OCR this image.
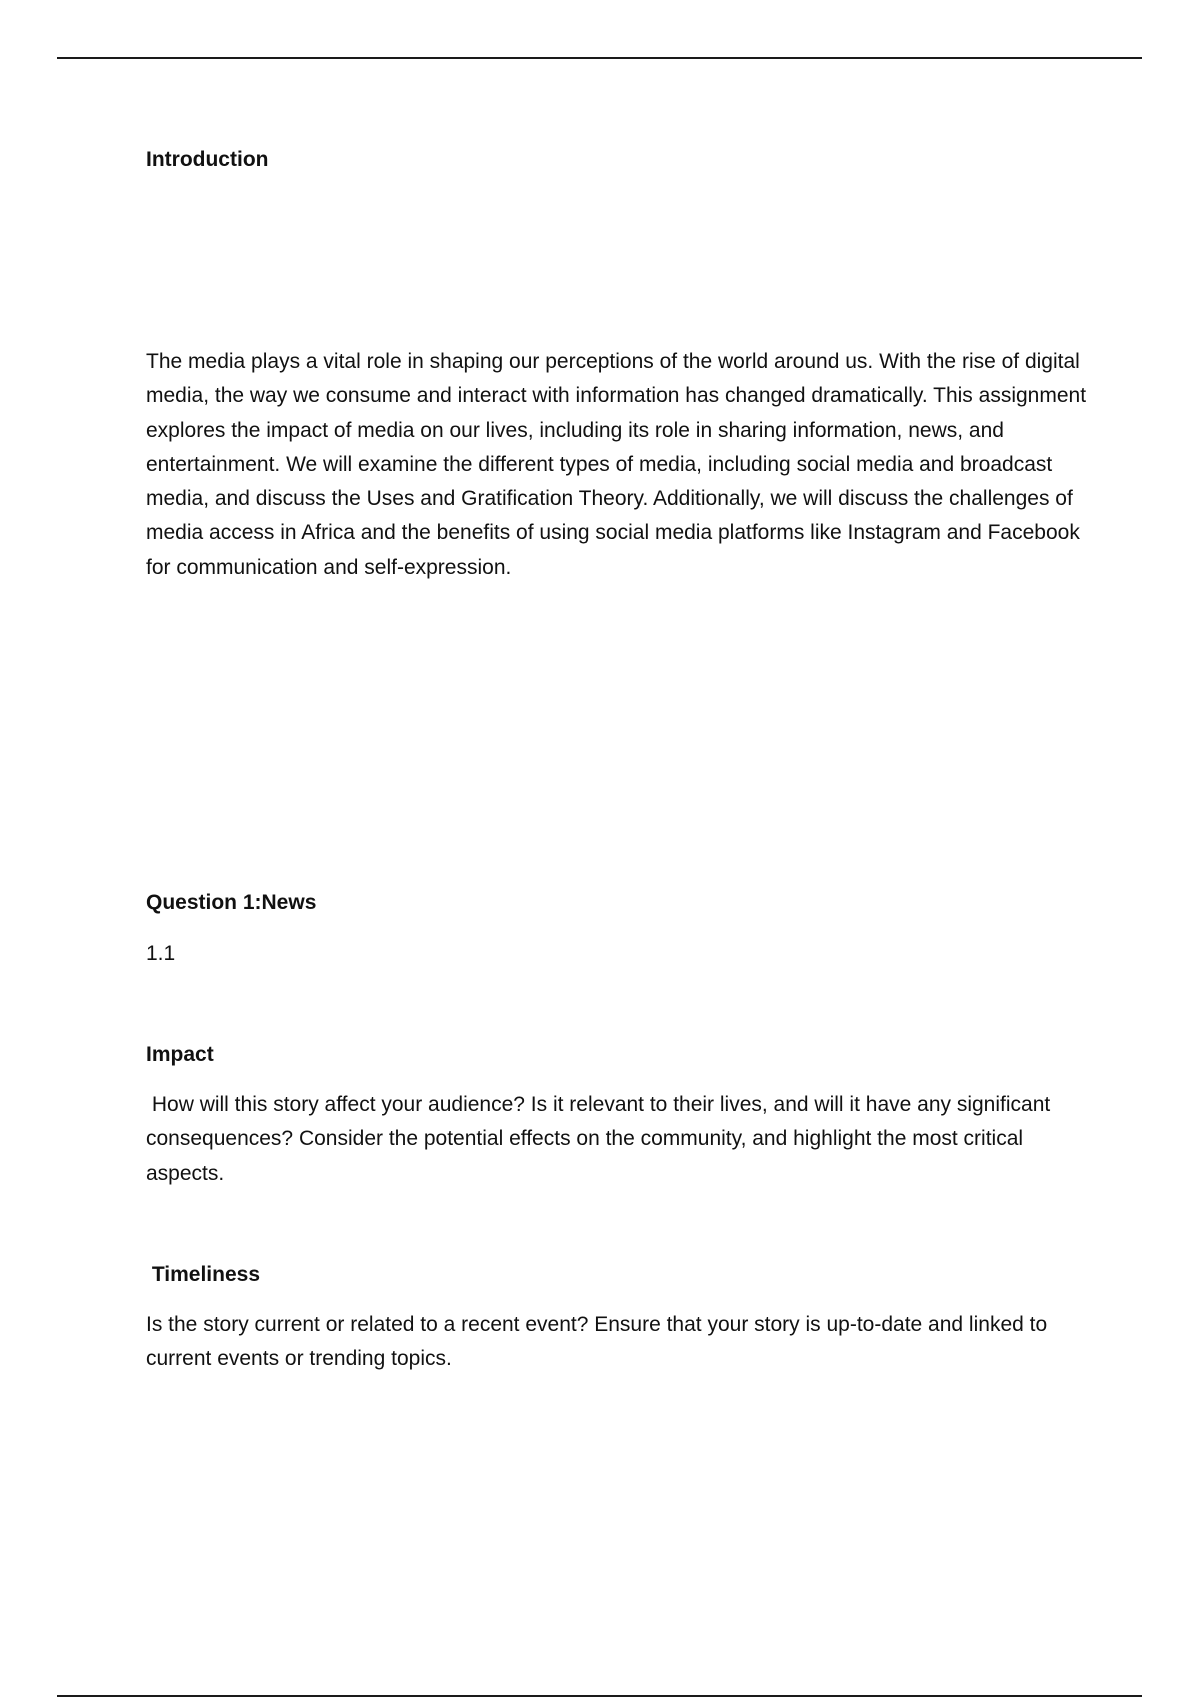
Introduction

The media plays a vital role in shaping our perceptions of the world around us. With the rise of digital media, the way we consume and interact with information has changed dramatically. This assignment explores the impact of media on our lives, including its role in sharing information, news, and entertainment. We will examine the different types of media, including social media and broadcast media, and discuss the Uses and Gratification Theory. Additionally, we will discuss the challenges of media access in Africa and the benefits of using social media platforms like Instagram and Facebook for communication and self-expression.

Question 1:News

1.1

Impact

How will this story affect your audience? Is it relevant to their lives, and will it have any significant consequences? Consider the potential effects on the community, and highlight the most critical aspects.

Timeliness

Is the story current or related to a recent event? Ensure that your story is up-to-date and linked to current events or trending topics.
